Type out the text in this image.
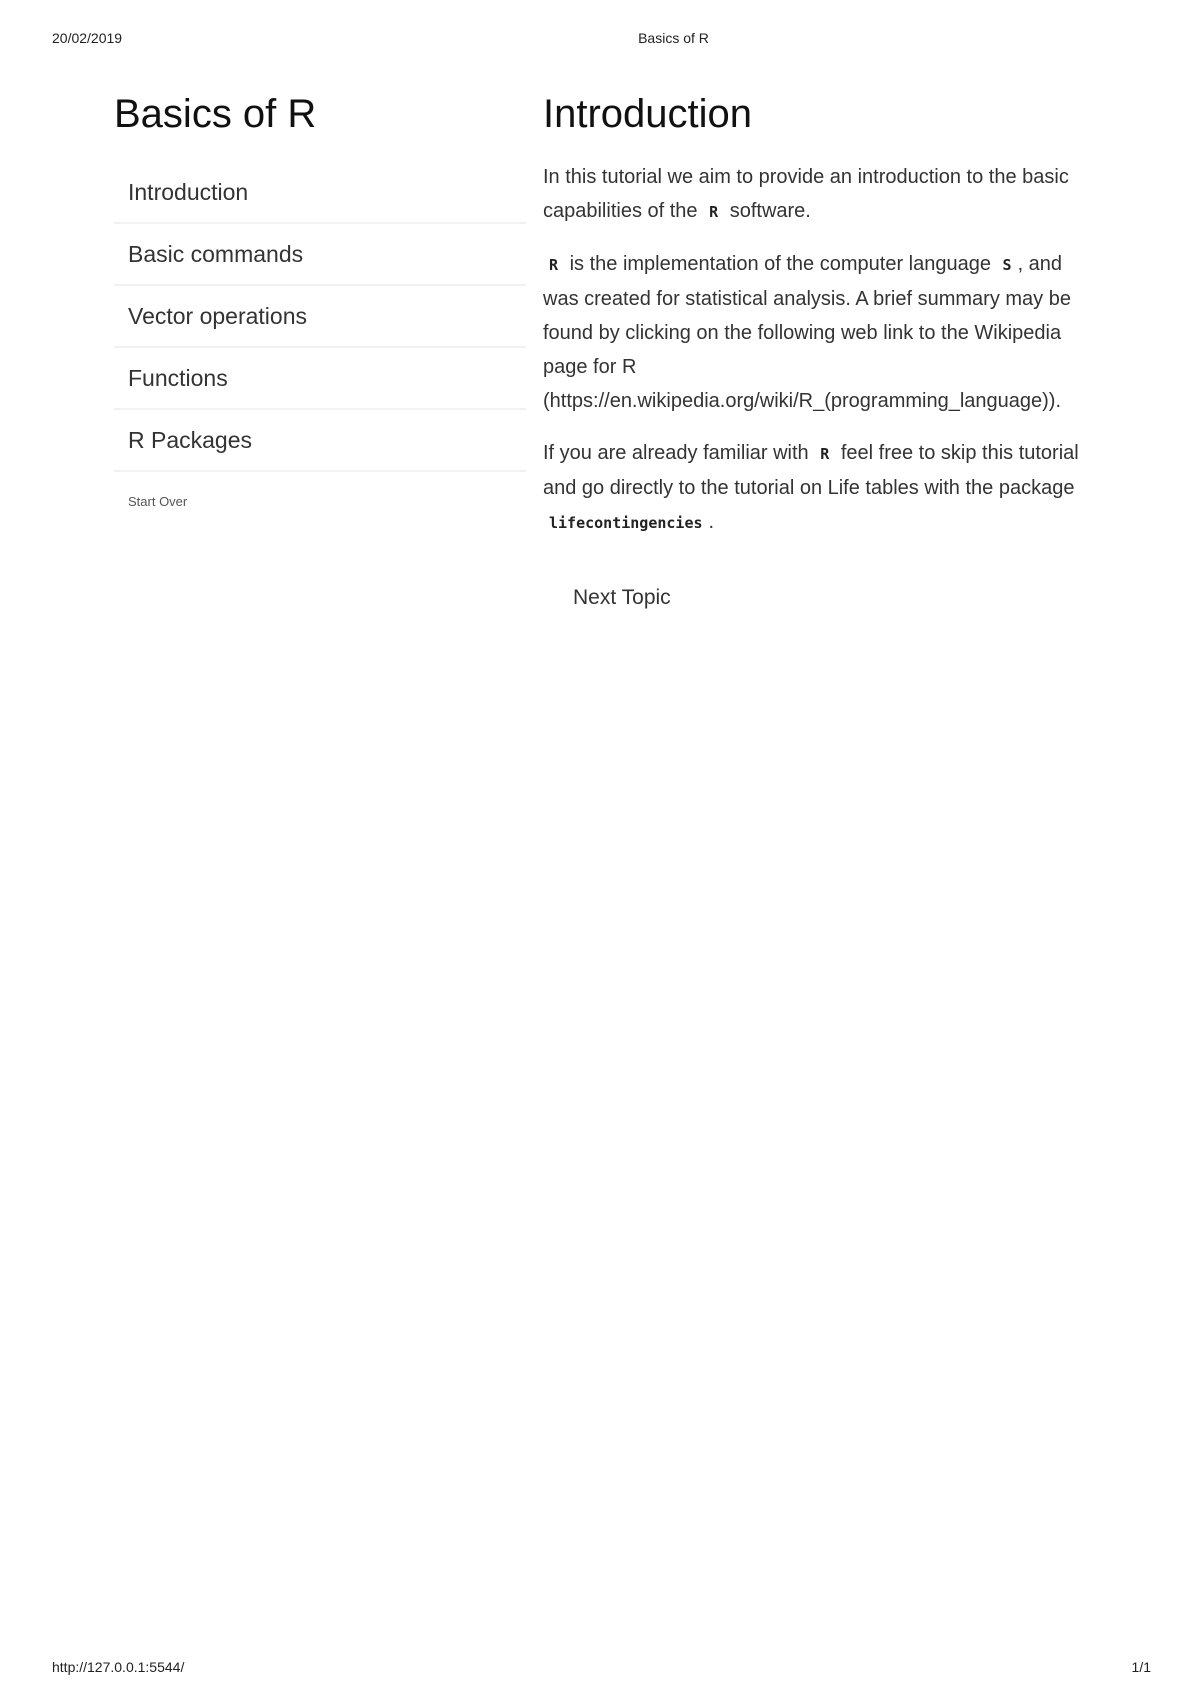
20/02/2019	Basics of R
Basics of R
Introduction
Basic commands
Vector operations
Functions
R Packages
Start Over
Introduction

In this tutorial we aim to provide an introduction to the basic capabilities of the R software.

R is the implementation of the computer language S , and was created for statistical analysis. A brief summary may be found by clicking on the following web link to the Wikipedia page for R (https://en.wikipedia.org/wiki/R_(programming_language)).

If you are already familiar with R feel free to skip this tutorial and go directly to the tutorial on Life tables with the package lifecontingencies .

Next Topic
http://127.0.0.1:5544/	1/1
